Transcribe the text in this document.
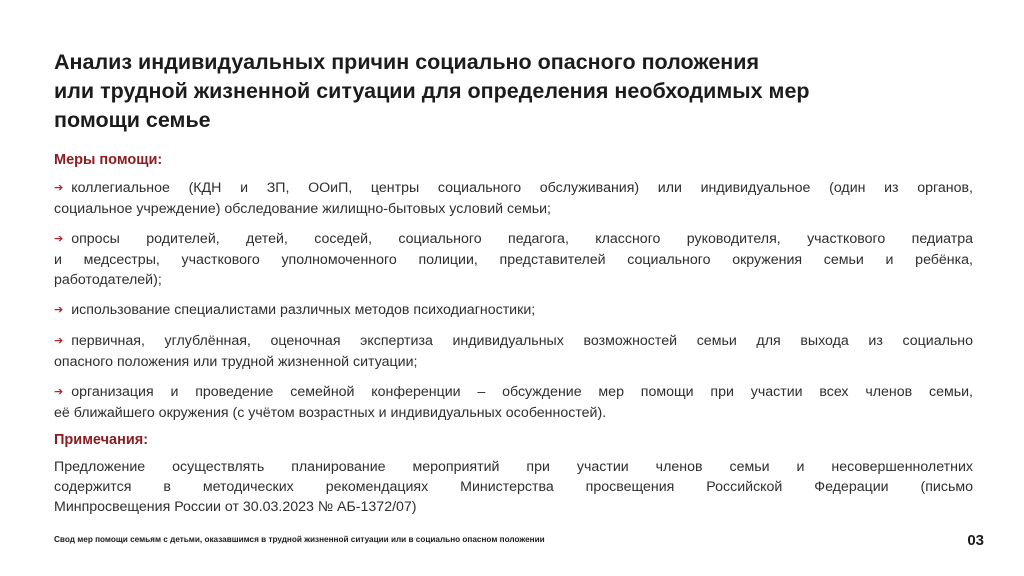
Анализ индивидуальных причин социально опасного положения
или трудной жизненной ситуации для определения необходимых мер
помощи семье
Меры помощи:
➔ коллегиальное (КДН и ЗП, ООиП, центры социального обслуживания) или индивидуальное (один из органов,
социальное учреждение) обследование жилищно-бытовых условий семьи;
➔ опросы родителей, детей, соседей, социального педагога, классного руководителя, участкового педиатра
и медсестры, участкового уполномоченного полиции, представителей социального окружения семьи и ребёнка,
работодателей);
➔ использование специалистами различных методов психодиагностики;
➔ первичная, углублённая, оценочная экспертиза индивидуальных возможностей семьи для выхода из социально
опасного положения или трудной жизненной ситуации;
➔ организация и проведение семейной конференции – обсуждение мер помощи при участии всех членов семьи,
её ближайшего окружения (с учётом возрастных и индивидуальных особенностей).
Примечания:
Предложение осуществлять планирование мероприятий при участии членов семьи и несовершеннолетних
содержится в методических рекомендациях Министерства просвещения Российской Федерации (письмо
Минпросвещения России от 30.03.2023 № АБ-1372/07)
Свод мер помощи семьям с детьми, оказавшимся в трудной жизненной ситуации или в социально опасном положении	03
